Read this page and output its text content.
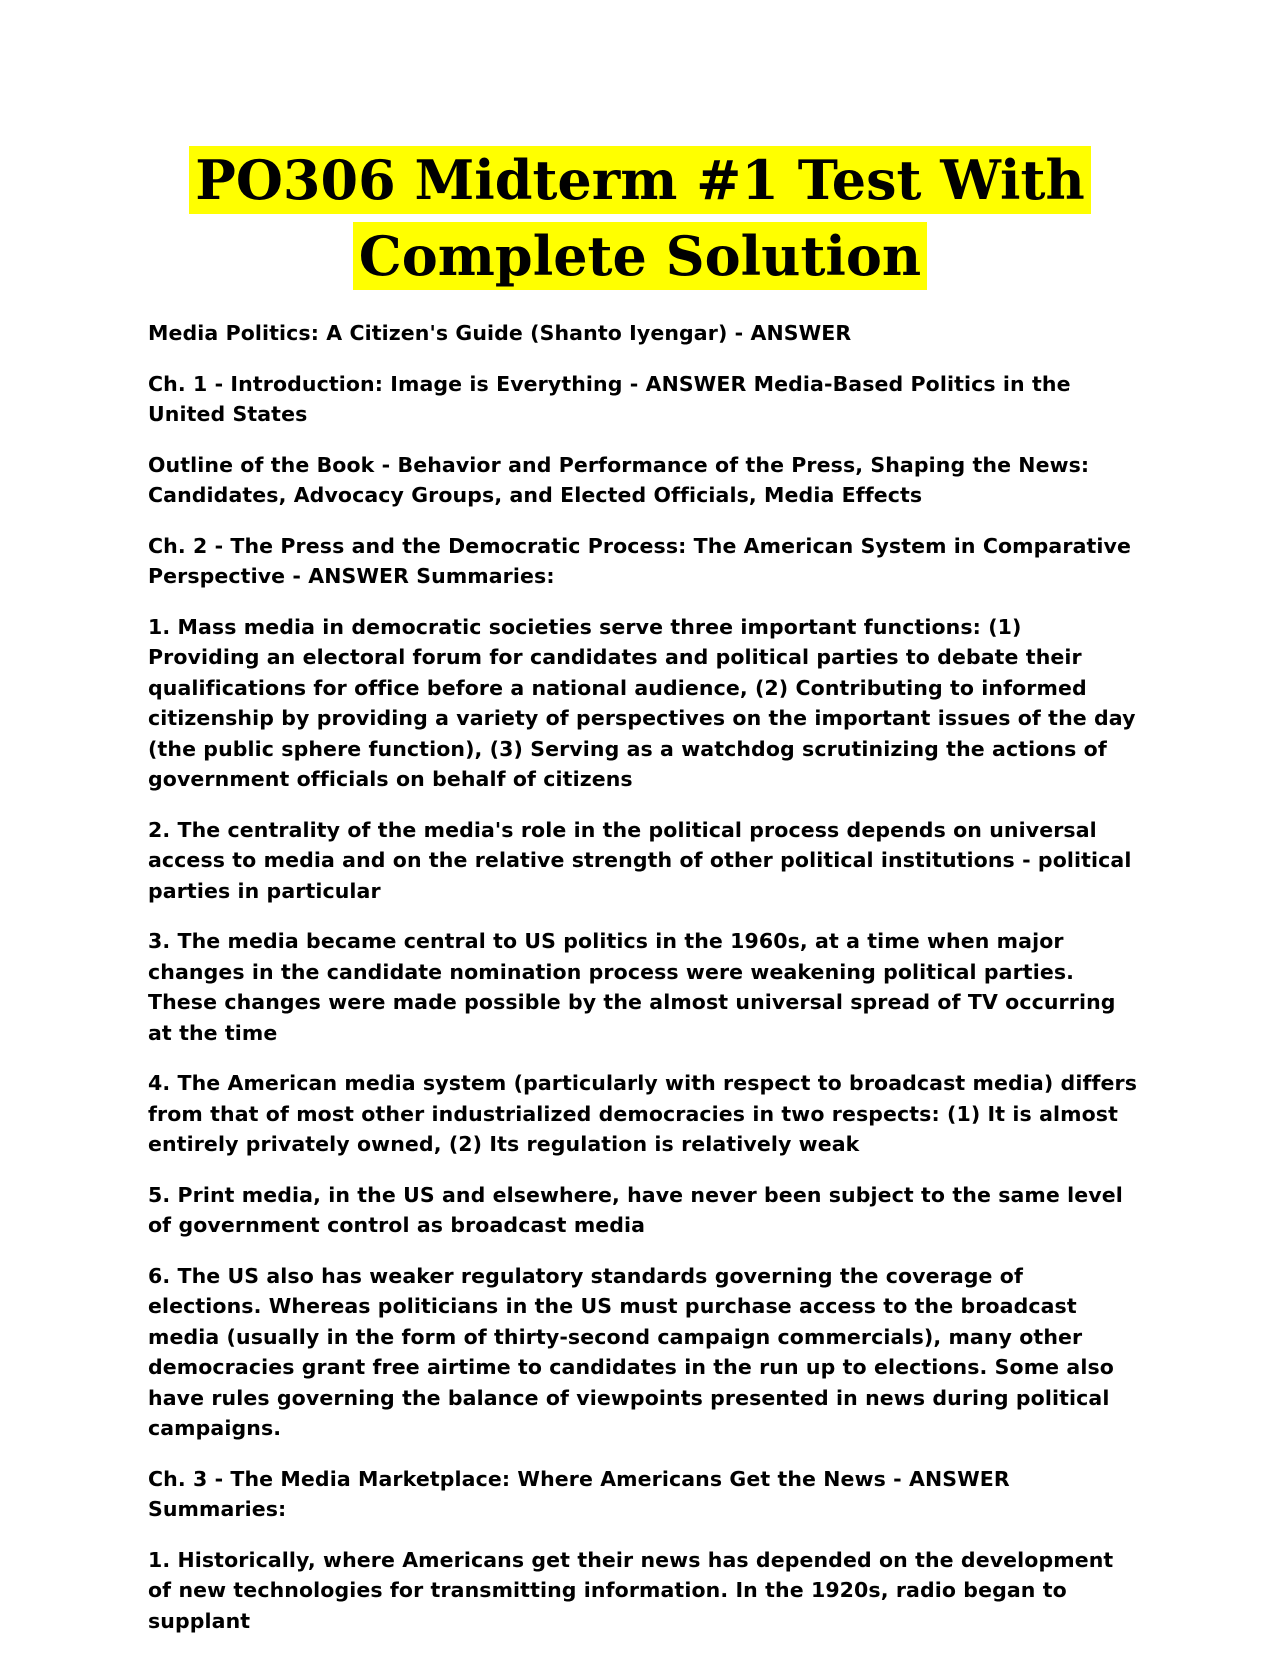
PO306 Midterm #1 Test With
Complete Solution

Media Politics: A Citizen's Guide (Shanto Iyengar) - ANSWER

Ch. 1 - Introduction: Image is Everything - ANSWER Media-Based Politics in the United States

Outline of the Book - Behavior and Performance of the Press, Shaping the News: Candidates, Advocacy Groups, and Elected Officials, Media Effects

Ch. 2 - The Press and the Democratic Process: The American System in Comparative Perspective - ANSWER Summaries:

1. Mass media in democratic societies serve three important functions: (1) Providing an electoral forum for candidates and political parties to debate their qualifications for office before a national audience, (2) Contributing to informed citizenship by providing a variety of perspectives on the important issues of the day (the public sphere function), (3) Serving as a watchdog scrutinizing the actions of government officials on behalf of citizens

2. The centrality of the media's role in the political process depends on universal access to media and on the relative strength of other political institutions - political parties in particular

3. The media became central to US politics in the 1960s, at a time when major changes in the candidate nomination process were weakening political parties. These changes were made possible by the almost universal spread of TV occurring at the time

4. The American media system (particularly with respect to broadcast media) differs from that of most other industrialized democracies in two respects: (1) It is almost entirely privately owned, (2) Its regulation is relatively weak

5. Print media, in the US and elsewhere, have never been subject to the same level of government control as broadcast media

6. The US also has weaker regulatory standards governing the coverage of elections. Whereas politicians in the US must purchase access to the broadcast media (usually in the form of thirty-second campaign commercials), many other democracies grant free airtime to candidates in the run up to elections. Some also have rules governing the balance of viewpoints presented in news during political campaigns.

Ch. 3 - The Media Marketplace: Where Americans Get the News - ANSWER Summaries:

1. Historically, where Americans get their news has depended on the development of new technologies for transmitting information. In the 1920s, radio began to supplant
